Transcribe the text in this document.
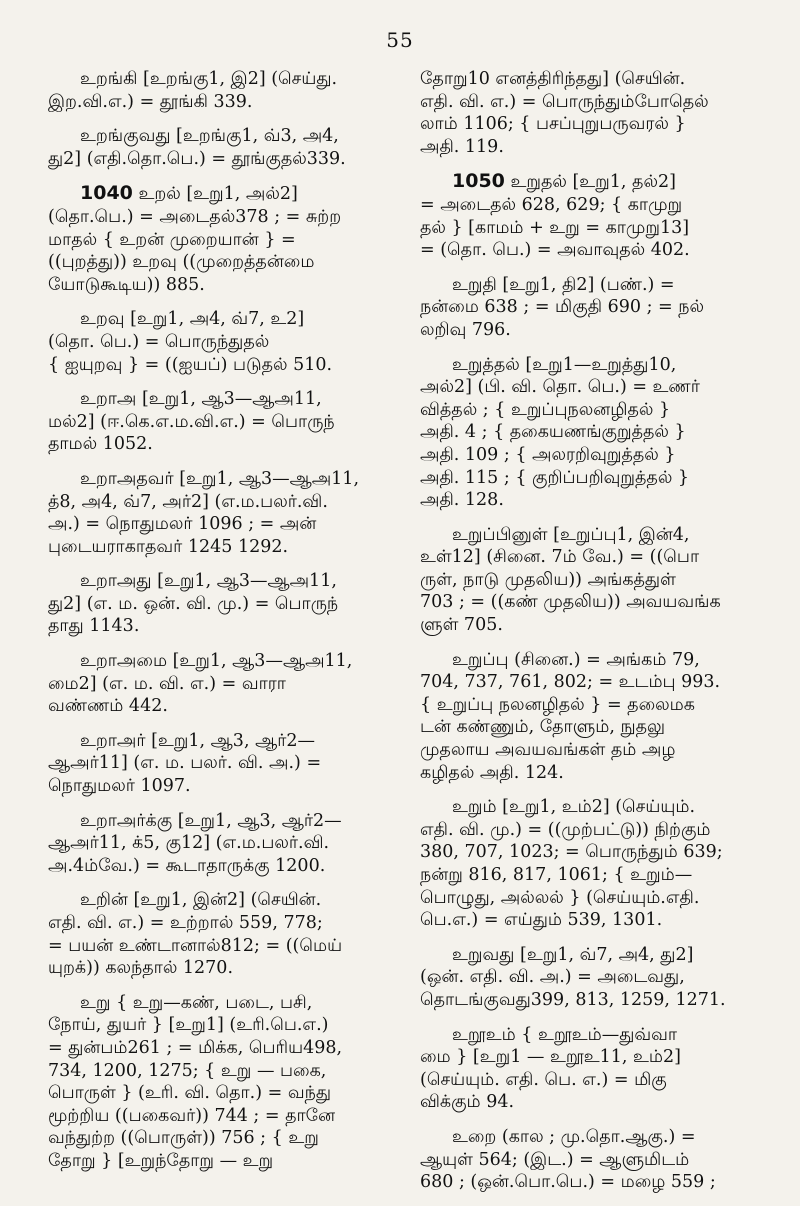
55
உறங்கி [உறங்கு1, இ2] (செய்து.
இற.வி.எ.) = தூங்கி 339.
உறங்குவது [உறங்கு1, வ்3, அ4,
து2] (எதி.தொ.பெ.) = தூங்குதல்339.
1040 உறல் [உறு1, அல்2]
(தொ.பெ.) = அடைதல்378 ; = சுற்ற
மாதல் { உறன் முறையான் } =
((புறத்து)) உறவு ((முறைத்தன்மை
யோடுகூடிய)) 885.
உறவு [உறு1, அ4, வ்7, உ2]
(தொ. பெ.) = பொருந்துதல்
{ ஐயுறவு } = ((ஐயப்) படுதல் 510.
உறாஅ [உறு1, ஆ3—ஆஅ11,
மல்2] (ஈ.கெ.எ.ம.வி.எ.) = பொருந்
தாமல் 1052.
உறாஅதவர் [உறு1, ஆ3—ஆஅ11,
த்8, அ4, வ்7, அர்2] (எ.ம.பலர்.வி.
அ.) = நொதுமலர் 1096 ; = அன்
புடையராகாதவர் 1245 1292.
உறாஅது [உறு1, ஆ3—ஆஅ11,
து2] (எ. ம. ஒன். வி. மு.) = பொருந்
தாது 1143.
உறாஅமை [உறு1, ஆ3—ஆஅ11,
மை2] (எ. ம. வி. எ.) = வாரா
வண்ணம் 442.
உறாஅர் [உறு1, ஆ3, ஆர்2—
ஆஅர்11] (எ. ம. பலர். வி. அ.) =
நொதுமலர் 1097.
உறாஅர்க்கு [உறு1, ஆ3, ஆர்2—
ஆஅர்11, க்5, கு12] (எ.ம.பலர்.வி.
அ.4ம்வே.) = கூடாதாருக்கு 1200.
உறின் [உறு1, இன்2] (செயின்.
எதி. வி. எ.) = உற்றால் 559, 778;
= பயன் உண்டானால்812; = ((மெய்
யுறக்)) கலந்தால் 1270.
உறு { உறு—கண், படை, பசி,
நோய், துயர் } [உறு1] (உரி.பெ.எ.)
= துன்பம்261 ; = மிக்க, பெரிய498,
734, 1200, 1275; { உறு — பகை,
பொருள் } (உரி. வி. தொ.) = வந்து
மூற்றிய ((பகைவர்)) 744 ; = தானே
வந்துற்ற ((பொருள்)) 756 ; { உறு
தோறு } [உறுந்தோறு — உறு
தோறு10 எனத்திரிந்தது] (செயின்.
எதி. வி. எ.) = பொருந்தும்போதெல்
லாம் 1106; { பசப்புறுபருவரல் }
அதி. 119.
1050 உறுதல் [உறு1, தல்2]
= அடைதல் 628, 629; { காமுறு
தல் } [காமம் + உறு = காமுறு13]
= (தொ. பெ.) = அவாவுதல் 402.
உறுதி [உறு1, தி2] (பண்.) =
நன்மை 638 ; = மிகுதி 690 ; = நல்
லறிவு 796.
உறுத்தல் [உறு1—உறுத்து10,
அல்2] (பி. வி. தொ. பெ.) = உணர்
வித்தல் ; { உறுப்புநலனழிதல் }
அதி. 4 ; { தகையணங்குறுத்தல் }
அதி. 109 ; { அலரறிவுறுத்தல் }
அதி. 115 ; { குறிப்பறிவுறுத்தல் }
அதி. 128.
உறுப்பினுள் [உறுப்பு1, இன்4,
உள்12] (சினை. 7ம் வே.) = ((பொ
ருள், நாடு முதலிய)) அங்கத்துள்
703 ; = ((கண் முதலிய)) அவயவங்க
ளுள் 705.
உறுப்பு (சினை.) = அங்கம் 79,
704, 737, 761, 802; = உடம்பு 993.
{ உறுப்பு நலனழிதல் } = தலைமக
டன் கண்ணும், தோளும், நுதலு
முதலாய அவயவங்கள் தம் அழ
கழிதல் அதி. 124.
உறும் [உறு1, உம்2] (செய்யும்.
எதி. வி. மு.) = ((முற்பட்டு)) நிற்கும்
380, 707, 1023; = பொருந்தும் 639;
நன்று 816, 817, 1061; { உறும்—
பொழுது, அல்லல் } (செய்யும்.எதி.
பெ.எ.) = எய்தும் 539, 1301.
உறுவது [உறு1, வ்7, அ4, து2]
(ஒன். எதி. வி. அ.) = அடைவது,
தொடங்குவது399, 813, 1259, 1271.
உறூஉம் { உறூஉம்—துவ்வா
மை } [உறு1 — உறூஉ11, உம்2]
(செய்யும். எதி. பெ. எ.) = மிகு
விக்கும் 94.
உறை (கால ; மு.தொ.ஆகு.) =
ஆயுள் 564; (இட.) = ஆளுமிடம்
680 ; (ஒன்.பொ.பெ.) = மழை 559 ;
